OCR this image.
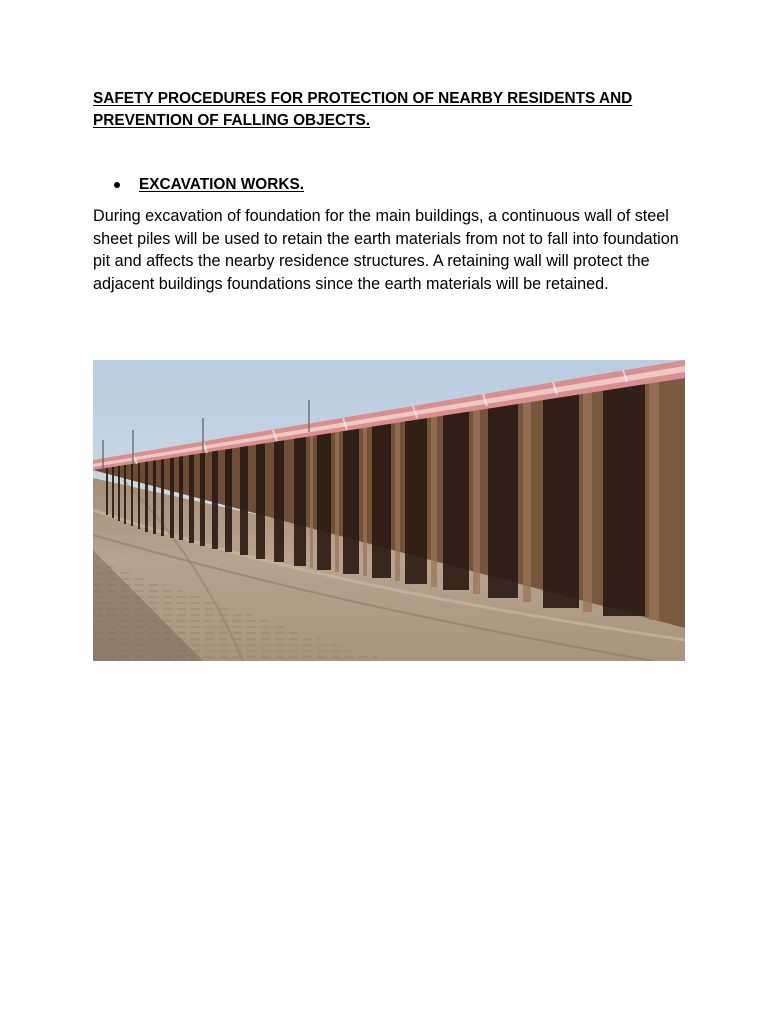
SAFETY PROCEDURES FOR PROTECTION OF NEARBY RESIDENTS AND PREVENTION OF FALLING OBJECTS.
EXCAVATION WORKS.

During excavation of foundation for the main buildings, a continuous wall of steel sheet piles will be used to retain the earth materials from not to fall into foundation pit and affects the nearby residence structures. A retaining wall will protect the adjacent buildings foundations since the earth materials will be retained.
